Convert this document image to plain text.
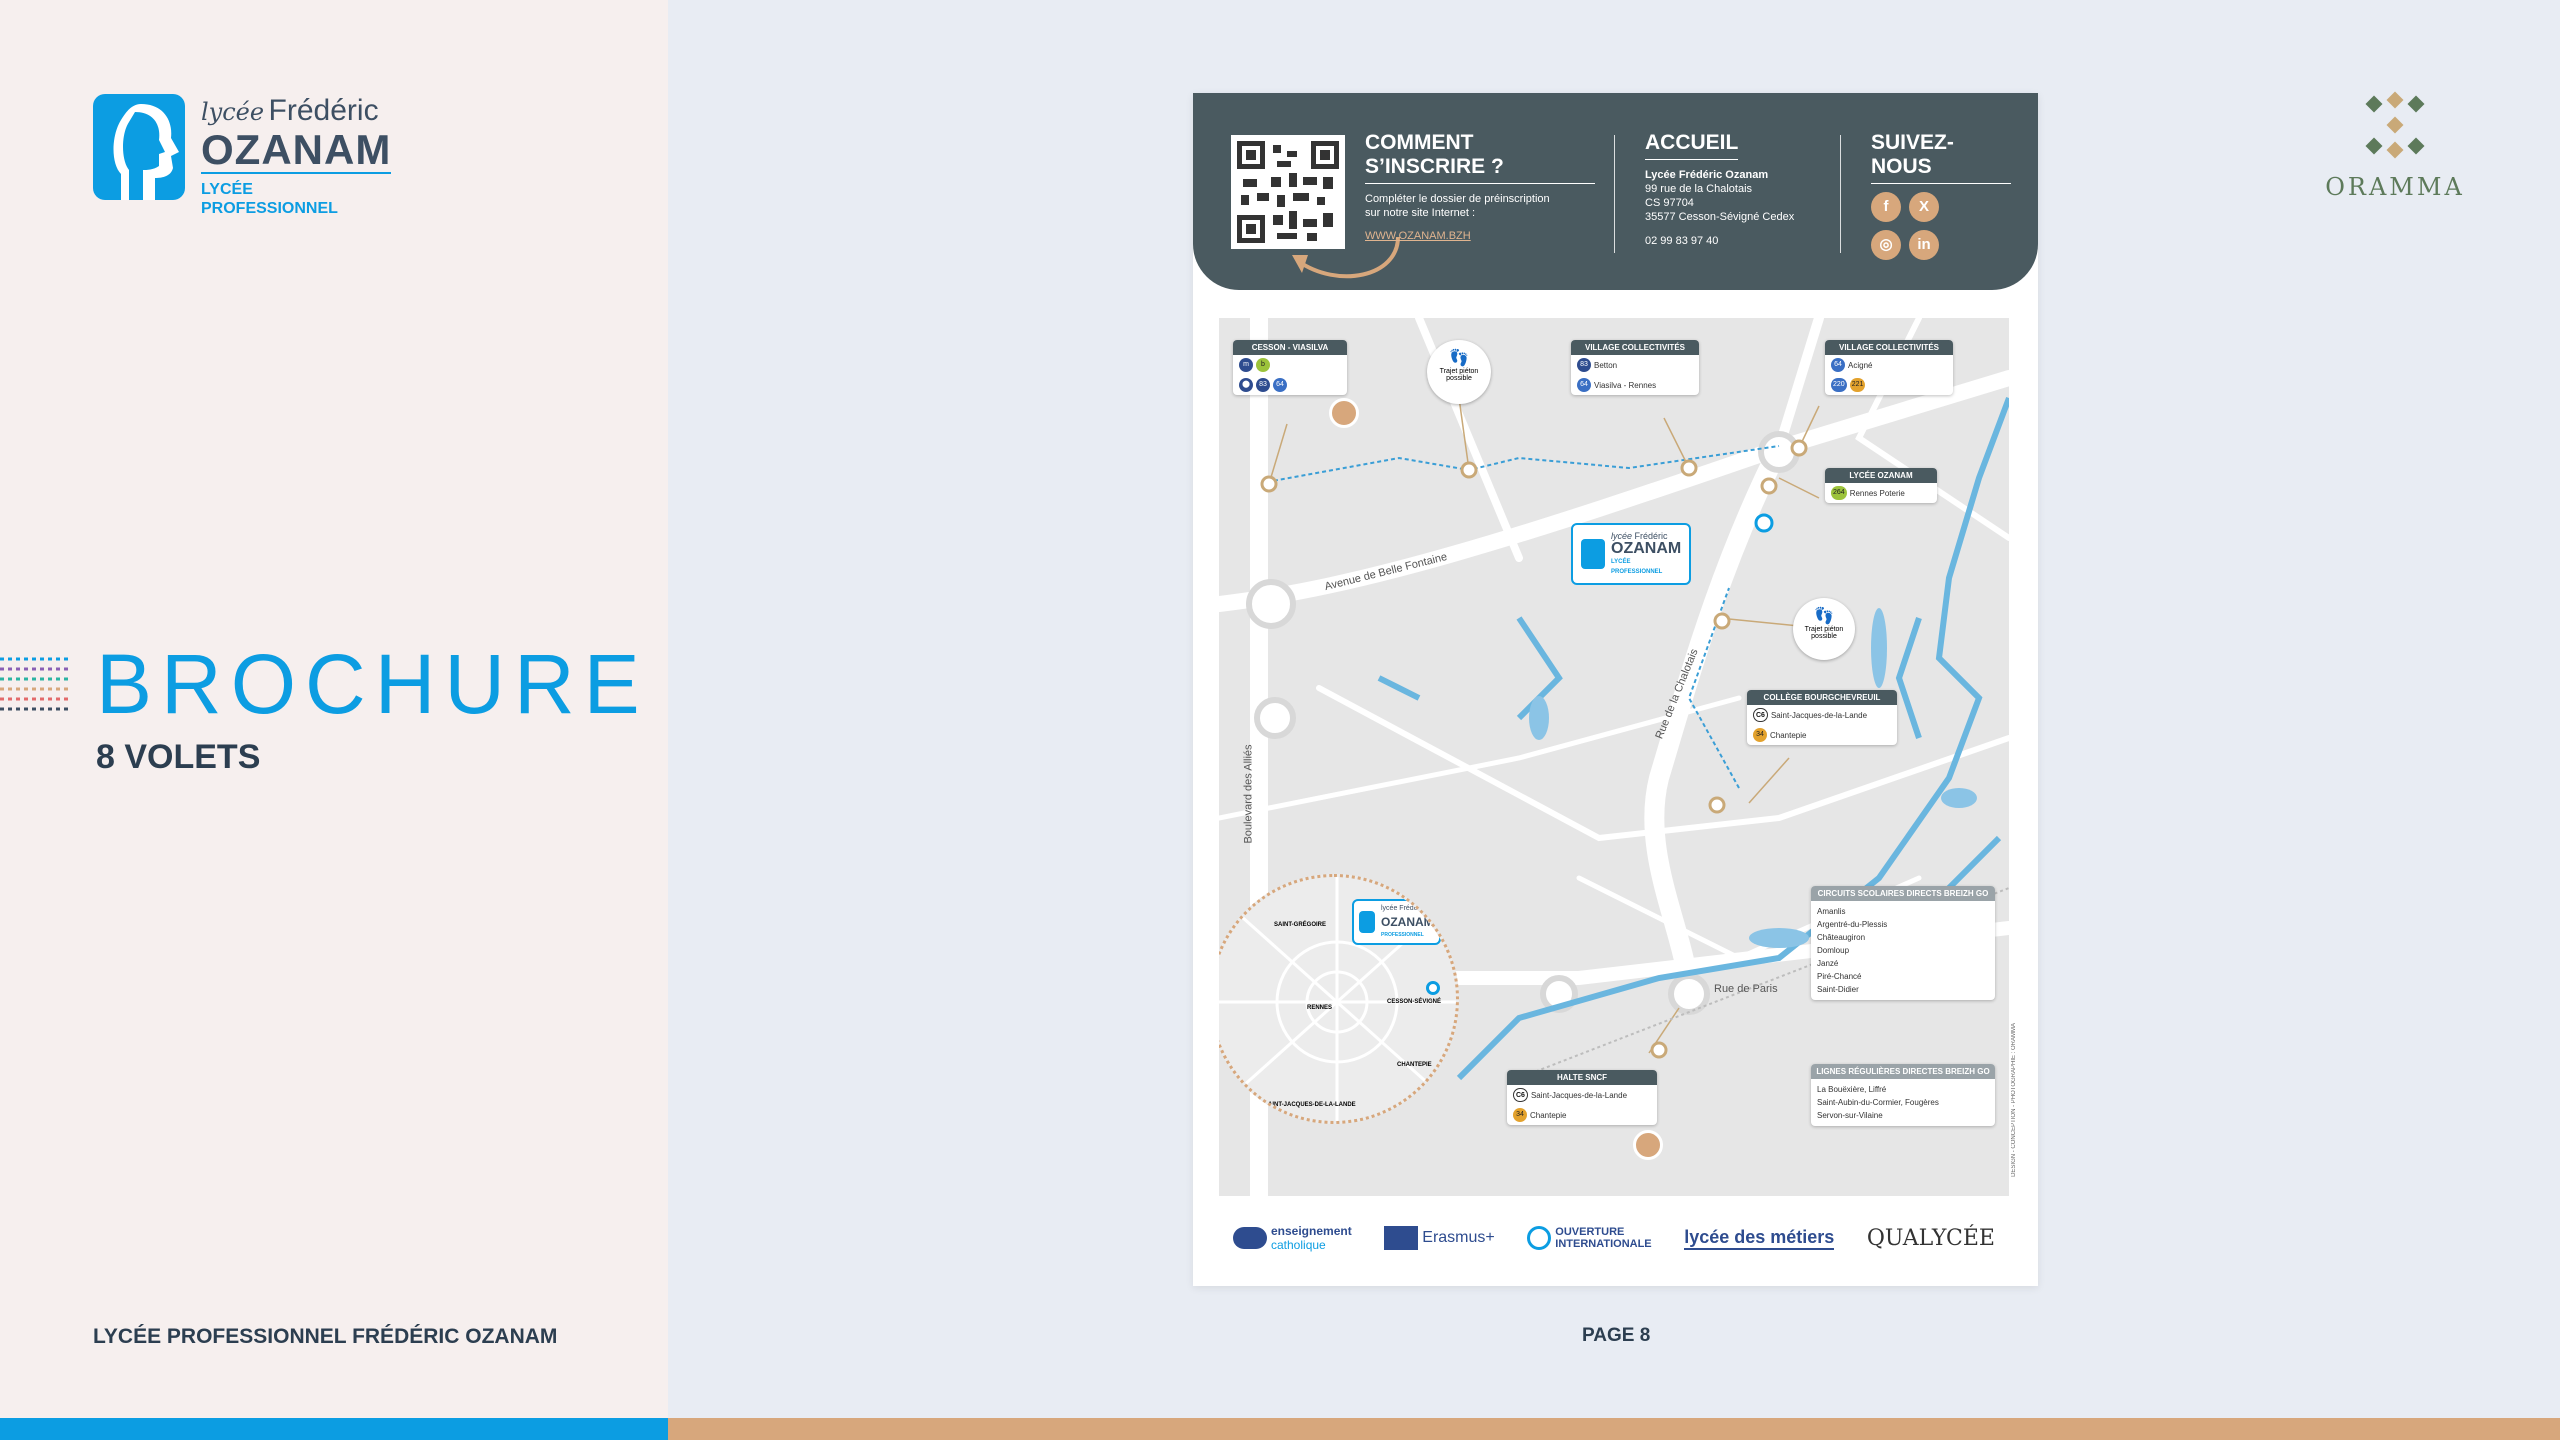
lycée Frédéric
OZANAM
LYCÉE
PROFESSIONNEL
BROCHURE
8 VOLETS
LYCÉE PROFESSIONNEL FRÉDÉRIC OZANAM	PAGE 8
ORAMMA
COMMENT S’INSCRIRE ?
Compléter le dossier de préinscription
sur notre site Internet :
WWW.OZANAM.BZH
ACCUEIL
Lycée Frédéric Ozanam
99 rue de la Chalotais
CS 97704
35577 Cesson-Sévigné Cedex
02 99 83 97 40
SUIVEZ-NOUS
f	X
◎	in
Avenue de Belle Fontaine
Boulevard des Alliés
Rue de la Chalotais
Rue de Paris
👣
Trajet piéton possible
👣
Trajet piéton possible
CESSON - VIASILVA
m	b
⬤	83	64
VILLAGE COLLECTIVITÉS
83 Betton
64 Viasilva - Rennes
VILLAGE COLLECTIVITÉS
64 Acigné
220 221
LYCÉE OZANAM
264 Rennes Poterie
lycée Frédéric
OZANAM
LYCÉE
PROFESSIONNEL
COLLÈGE BOURGCHEVREUIL
C6 Saint-Jacques-de-la-Lande
34 Chantepie
CIRCUITS SCOLAIRES DIRECTS BREIZH GO
Amanlis
Argentré-du-Plessis
Châteaugiron
Domloup
Janzé
Piré-Chancé
Saint-Didier
LIGNES RÉGULIÈRES DIRECTES BREIZH GO
La Bouëxière, Liffré
Saint-Aubin-du-Cormier, Fougères
Servon-sur-Vilaine
HALTE SNCF
C6 Saint-Jacques-de-la-Lande
34 Chantepie
SAINT-GRÉGOIRE
RENNES
CESSON-SÉVIGNÉ
CHANTEPIE
SAINT-JACQUES-DE-LA-LANDE
lycée Frédéric
OZANAM
PROFESSIONNEL
DESIGN - CONCEPTION - PHOTOGRAPHIE : ORAMMA
enseignement
catholique	Erasmus+	OUVERTURE
INTERNATIONALE lycée des métiers QUALYCÉE
